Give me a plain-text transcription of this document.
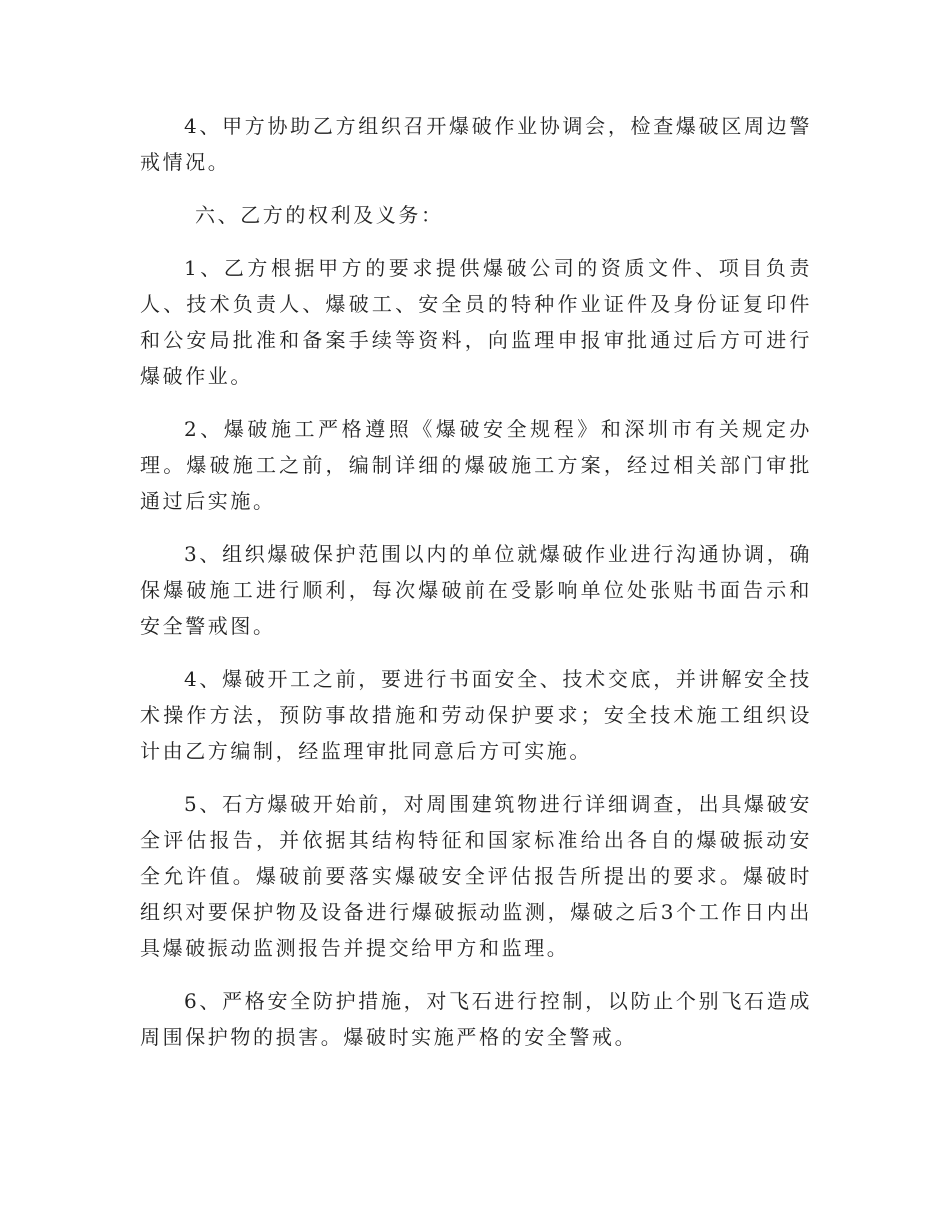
4、甲方协助乙方组织召开爆破作业协调会，检查爆破区周边警戒情况。

六、乙方的权利及义务：

1、乙方根据甲方的要求提供爆破公司的资质文件、项目负责人、技术负责人、爆破工、安全员的特种作业证件及身份证复印件和公安局批准和备案手续等资料，向监理申报审批通过后方可进行爆破作业。

2、爆破施工严格遵照《爆破安全规程》和深圳市有关规定办理。爆破施工之前，编制详细的爆破施工方案，经过相关部门审批通过后实施。

3、组织爆破保护范围以内的单位就爆破作业进行沟通协调，确保爆破施工进行顺利，每次爆破前在受影响单位处张贴书面告示和安全警戒图。

4、爆破开工之前，要进行书面安全、技术交底，并讲解安全技术操作方法，预防事故措施和劳动保护要求；安全技术施工组织设计由乙方编制，经监理审批同意后方可实施。

5、石方爆破开始前，对周围建筑物进行详细调查，出具爆破安全评估报告，并依据其结构特征和国家标准给出各自的爆破振动安全允许值。爆破前要落实爆破安全评估报告所提出的要求。爆破时组织对要保护物及设备进行爆破振动监测，爆破之后3个工作日内出具爆破振动监测报告并提交给甲方和监理。

6、严格安全防护措施，对飞石进行控制，以防止个别飞石造成周围保护物的损害。爆破时实施严格的安全警戒。
